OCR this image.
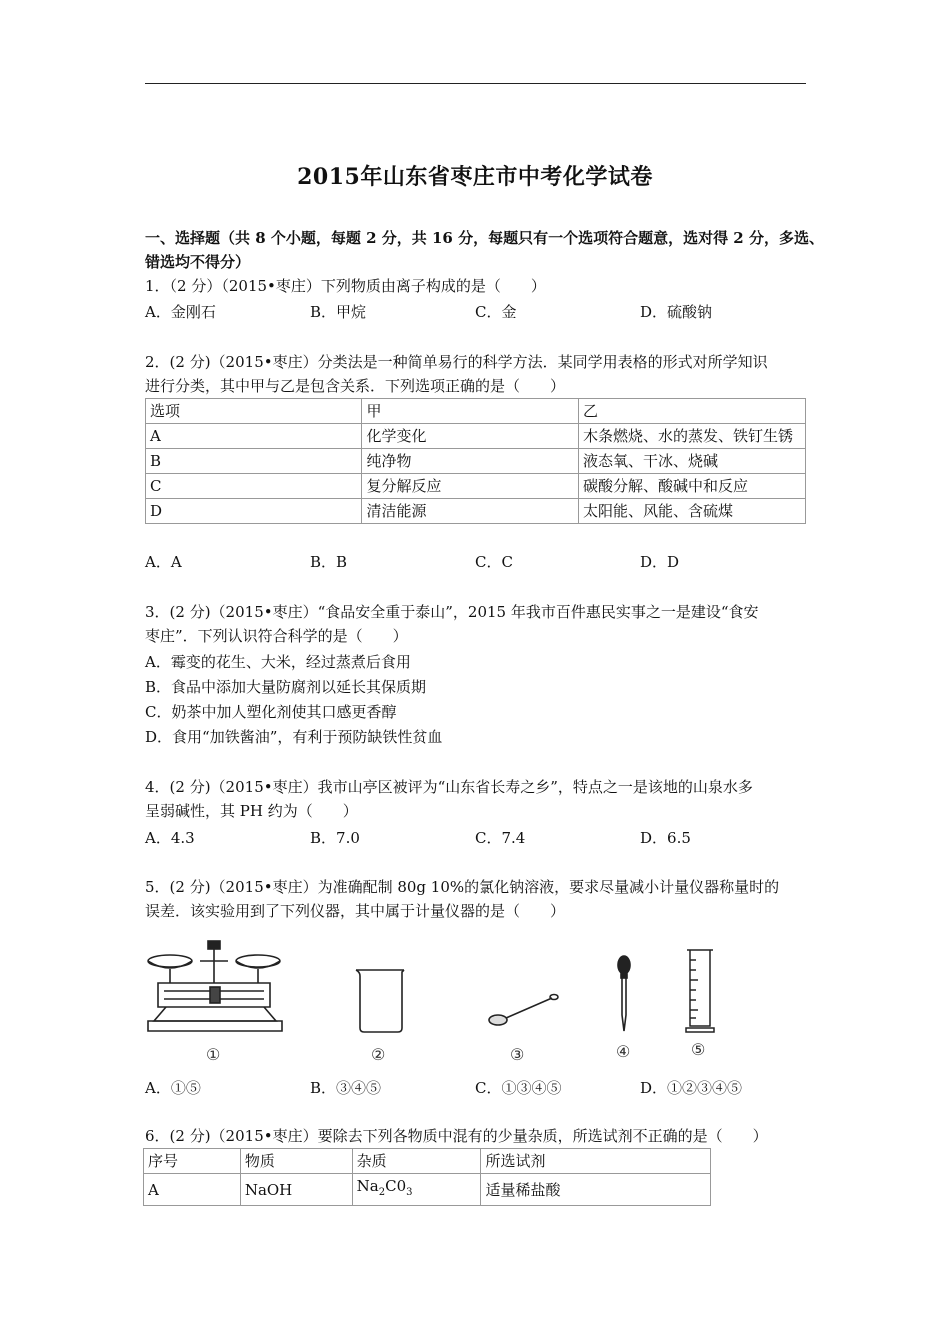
2015年山东省枣庄市中考化学试卷
一、选择题（共 8 个小题，每题 2 分，共 16 分，每题只有一个选项符合题意，选对得 2 分，多选、
错选均不得分）
1．（2 分）（2015•枣庄）下列物质由离子构成的是（　　）
A．金刚石	B．甲烷	C．金	D．硫酸钠
2．(2 分)（2015•枣庄）分类法是一种简单易行的科学方法．某同学用表格的形式对所学知识
进行分类，其中甲与乙是包含关系．下列选项正确的是（　　）
选项	甲	乙
A	化学变化	木条燃烧、水的蒸发、铁钉生锈
B	纯净物	液态氧、干冰、烧碱
C	复分解反应	碳酸分解、酸碱中和反应
D	清洁能源	太阳能、风能、含硫煤
A．A	B．B	C．C	D．D
3．(2 分)（2015•枣庄）“食品安全重于泰山”，2015 年我市百件惠民实事之一是建设“食安
枣庄”．下列认识符合科学的是（　　）
A．霉变的花生、大米，经过蒸煮后食用
B．食品中添加大量防腐剂以延长其保质期
C．奶茶中加人塑化剂使其口感更香醇
D．食用“加铁酱油”，有利于预防缺铁性贫血
4．(2 分)（2015•枣庄）我市山亭区被评为“山东省长寿之乡”，特点之一是该地的山泉水多
呈弱碱性，其 PH 约为（　　）
A．4.3	B．7.0	C．7.4	D．6.5
5．(2 分)（2015•枣庄）为准确配制 80g 10%的氯化钠溶液，要求尽量减小计量仪器称量时的
误差．该实验用到了下列仪器，其中属于计量仪器的是（　　）
①	②	③	④	⑤
A．①⑤	B．③④⑤	C．①③④⑤	D．①②③④⑤
6．(2 分)（2015•枣庄）要除去下列各物质中混有的少量杂质，所选试剂不正确的是（　　）
序号	物质	杂质	所选试剂
A	NaOH	$Na_2C0_3$	适量稀盐酸
